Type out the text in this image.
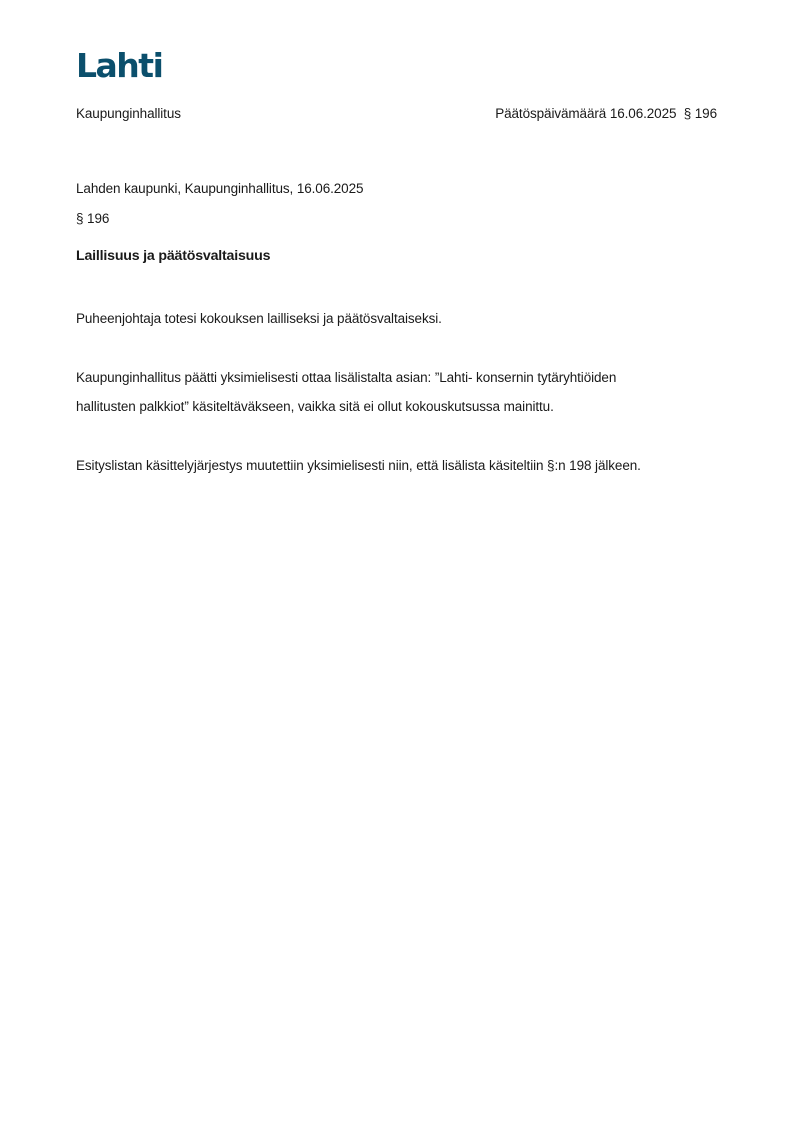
Lahti
Kaupunginhallitus	Päätöspäivämäärä 16.06.2025 § 196
Lahden kaupunki, Kaupunginhallitus, 16.06.2025
§ 196
Laillisuus ja päätösvaltaisuus
Puheenjohtaja totesi kokouksen lailliseksi ja päätösvaltaiseksi.
Kaupunginhallitus päätti yksimielisesti ottaa lisälistalta asian: ”Lahti- konsernin tytäryhtiöiden
hallitusten palkkiot” käsiteltäväkseen, vaikka sitä ei ollut kokouskutsussa mainittu.
Esityslistan käsittelyjärjestys muutettiin yksimielisesti niin, että lisälista käsiteltiin §:n 198 jälkeen.
